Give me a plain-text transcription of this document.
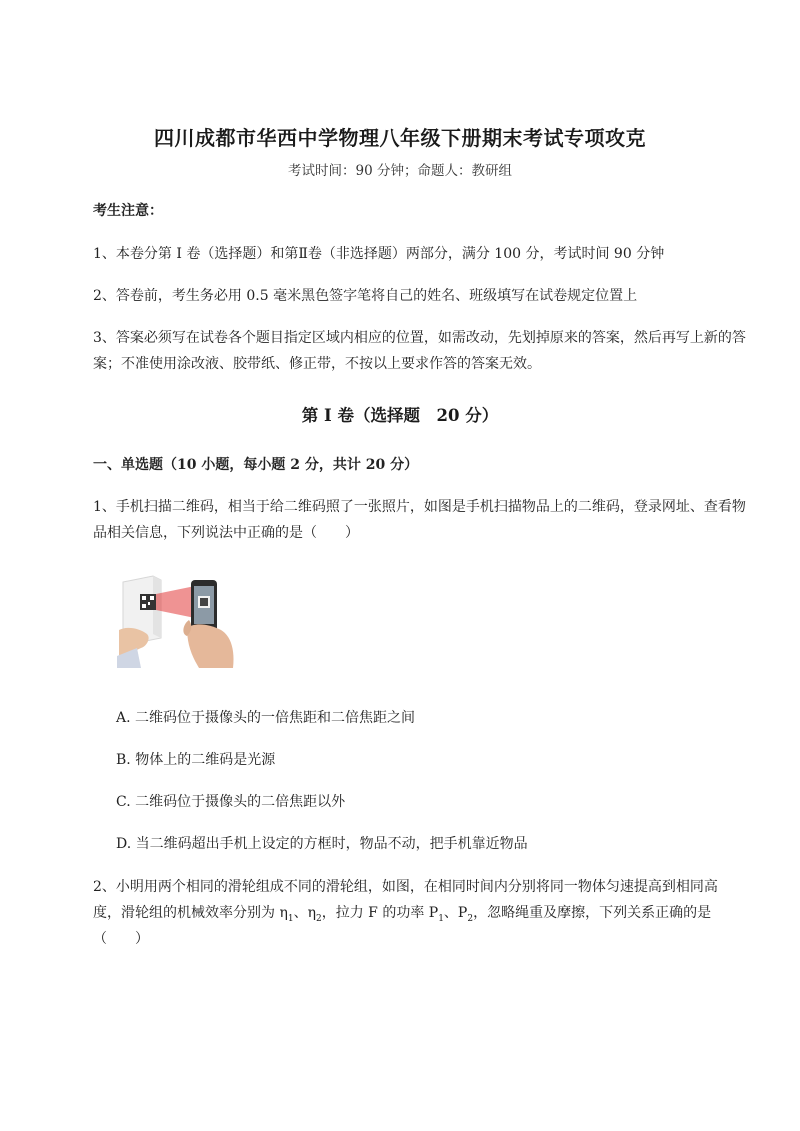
四川成都市华西中学物理八年级下册期末考试专项攻克
考试时间：90 分钟；命题人：教研组
考生注意：
1、本卷分第 I 卷（选择题）和第Ⅱ卷（非选择题）两部分，满分 100 分，考试时间 90 分钟
2、答卷前，考生务必用 0.5 毫米黑色签字笔将自己的姓名、班级填写在试卷规定位置上
3、答案必须写在试卷各个题目指定区域内相应的位置，如需改动，先划掉原来的答案，然后再写上新的答案；不准使用涂改液、胶带纸、修正带，不按以上要求作答的答案无效。
第 I 卷（选择题　20 分）
一、单选题（10 小题，每小题 2 分，共计 20 分）
1、手机扫描二维码，相当于给二维码照了一张照片，如图是手机扫描物品上的二维码，登录网址、查看物品相关信息，下列说法中正确的是（　　）
A. 二维码位于摄像头的一倍焦距和二倍焦距之间
B. 物体上的二维码是光源
C. 二维码位于摄像头的二倍焦距以外
D. 当二维码超出手机上设定的方框时，物品不动，把手机靠近物品
2、小明用两个相同的滑轮组成不同的滑轮组，如图，在相同时间内分别将同一物体匀速提高到相同高
度，滑轮组的机械效率分别为 $\eta_1$、$\eta_2$，拉力 F 的功率 $P_1$、$P_2$，忽略绳重及摩擦，下列关系正确的是
（　　）
